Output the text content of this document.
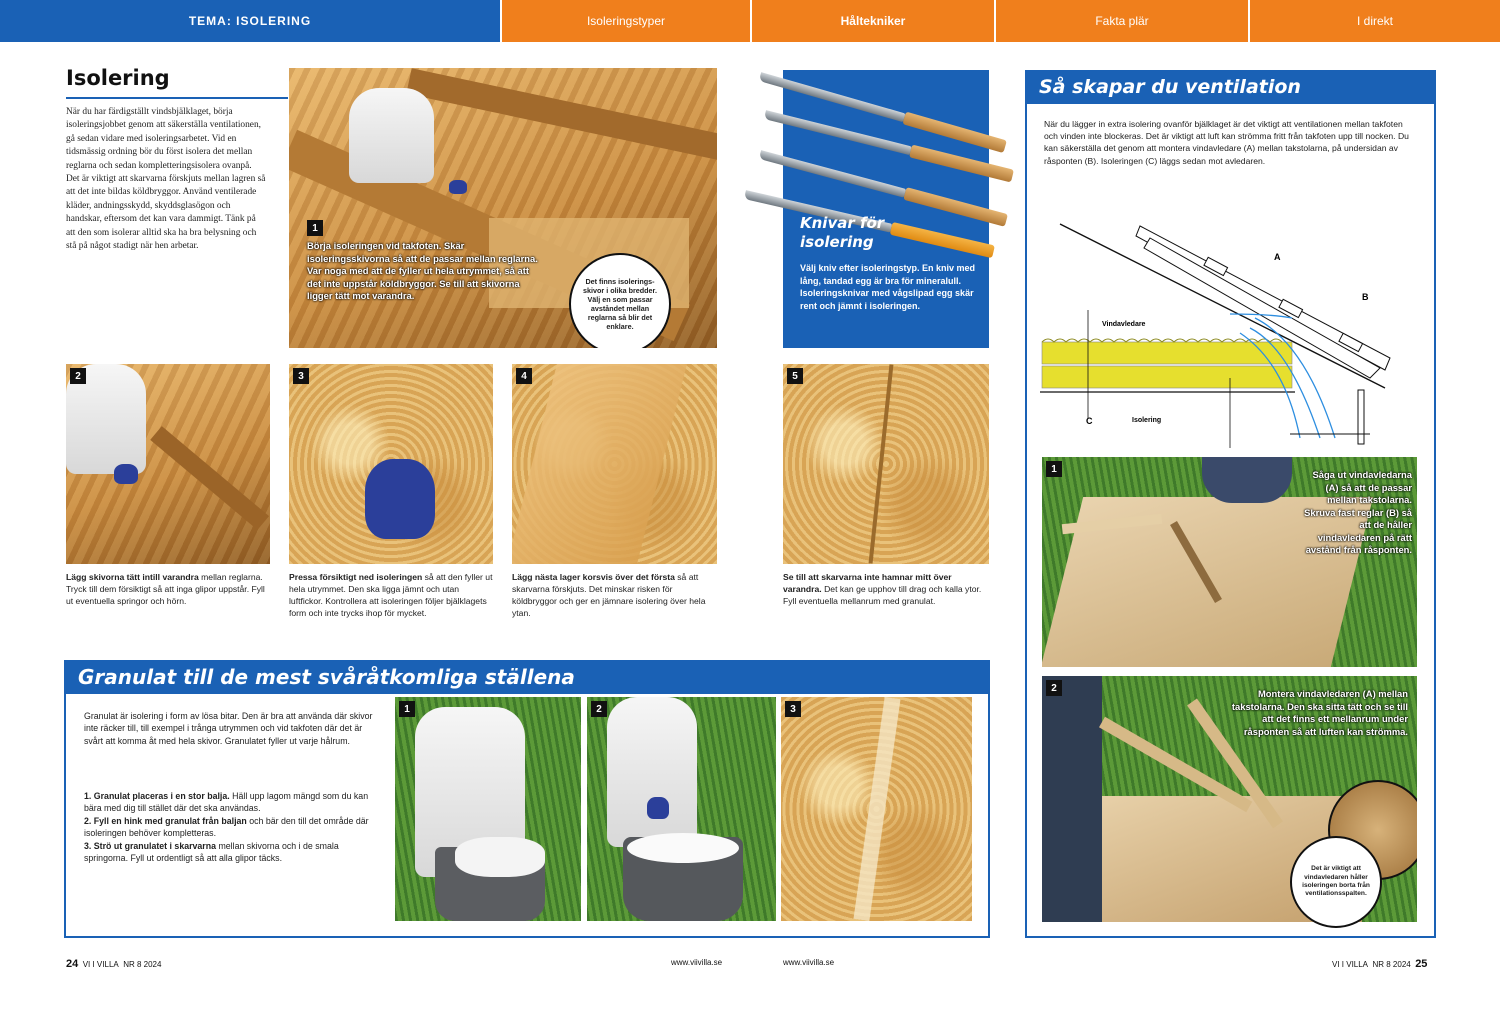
TEMA: ISOLERING	Isoleringstyper	Håltekniker	Fakta plär	I direkt
Isolering
När du har färdigställt vindsbjälklaget, börja isoleringsjobbet genom att säkerställa ventilationen, gå sedan vidare med isoleringsarbetet. Vid en tidsmässig ordning bör du först isolera det mellan reglarna och sedan kompletteringsisolera ovanpå. Det är viktigt att skarvarna förskjuts mellan lagren så att det inte bildas köldbryggor. Använd ventilerade kläder, andningsskydd, skyddsglasögon och handskar, eftersom det kan vara dammigt. Tänk på att den som isolerar alltid ska ha bra belysning och stå på något stadigt när hen arbetar.
1
Börja isoleringen vid takfoten. Skär isoleringsskivorna så att de passar mellan reglarna. Var noga med att de fyller ut hela utrymmet, så att det inte uppstår köldbryggor. Se till att skivorna ligger tätt mot varandra.
Det finns isoleringsskivor i olika bredder. Välj en som passar avståndet mellan reglarna så blir det enklare.
Knivar för isolering
Välj kniv efter isoleringstyp. En kniv med lång, tandad egg är bra för mineralull. Isoleringsknivar med vågslipad egg skär rent och jämnt i isoleringen.
2	3	4	5
Lägg skivorna tätt intill varandra mellan reglarna. Tryck till dem försiktigt så att inga glipor uppstår. Fyll ut eventuella springor och hörn.
Pressa försiktigt ned isoleringen så att den fyller ut hela utrymmet. Den ska ligga jämnt och utan luftfickor. Kontrollera att isoleringen följer bjälklagets form och inte trycks ihop för mycket.
Lägg nästa lager korsvis över det första så att skarvarna förskjuts. Det minskar risken för köldbryggor och ger en jämnare isolering över hela ytan.
Se till att skarvarna inte hamnar mitt över varandra. Det kan ge upphov till drag och kalla ytor. Fyll eventuella mellanrum med granulat.
Granulat till de mest svåråtkomliga ställena
Granulat är isolering i form av lösa bitar. Den är bra att använda där skivor inte räcker till, till exempel i trånga utrymmen och vid takfoten där det är svårt att komma åt med hela skivor. Granulatet fyller ut varje hålrum.
1. Granulat placeras i en stor balja. Häll upp lagom mängd som du kan bära med dig till stället där det ska användas.
2. Fyll en hink med granulat från baljan och bär den till det område där isoleringen behöver kompletteras.
3. Strö ut granulatet i skarvarna mellan skivorna och i de smala springorna. Fyll ut ordentligt så att alla glipor täcks.
1	2	3
24 VI I VILLA NR 8 2024	www.viivilla.se	www.viivilla.se
Så skapar du ventilation
När du lägger in extra isolering ovanför bjälklaget är det viktigt att ventilationen mellan takfoten och vinden inte blockeras. Det är viktigt att luft kan strömma fritt från takfoten upp till nocken. Du kan säkerställa det genom att montera vindavledare (A) mellan takstolarna, på undersidan av råsponten (B). Isoleringen (C) läggs sedan mot avledaren.
A
B
C
Vindavledare
Isolering
1	Såga ut vindavledarna (A) så att de passar mellan takstolarna. Skruva fast reglar (B) så att de håller vindavledaren på rätt avstånd från råsponten.
2	Montera vindavledaren (A) mellan takstolarna. Den ska sitta tätt och se till att det finns ett mellanrum under råsponten så att luften kan strömma.
Det är viktigt att vindavledaren håller isoleringen borta från ventilationsspalten.
VI I VILLA NR 8 2024 25
